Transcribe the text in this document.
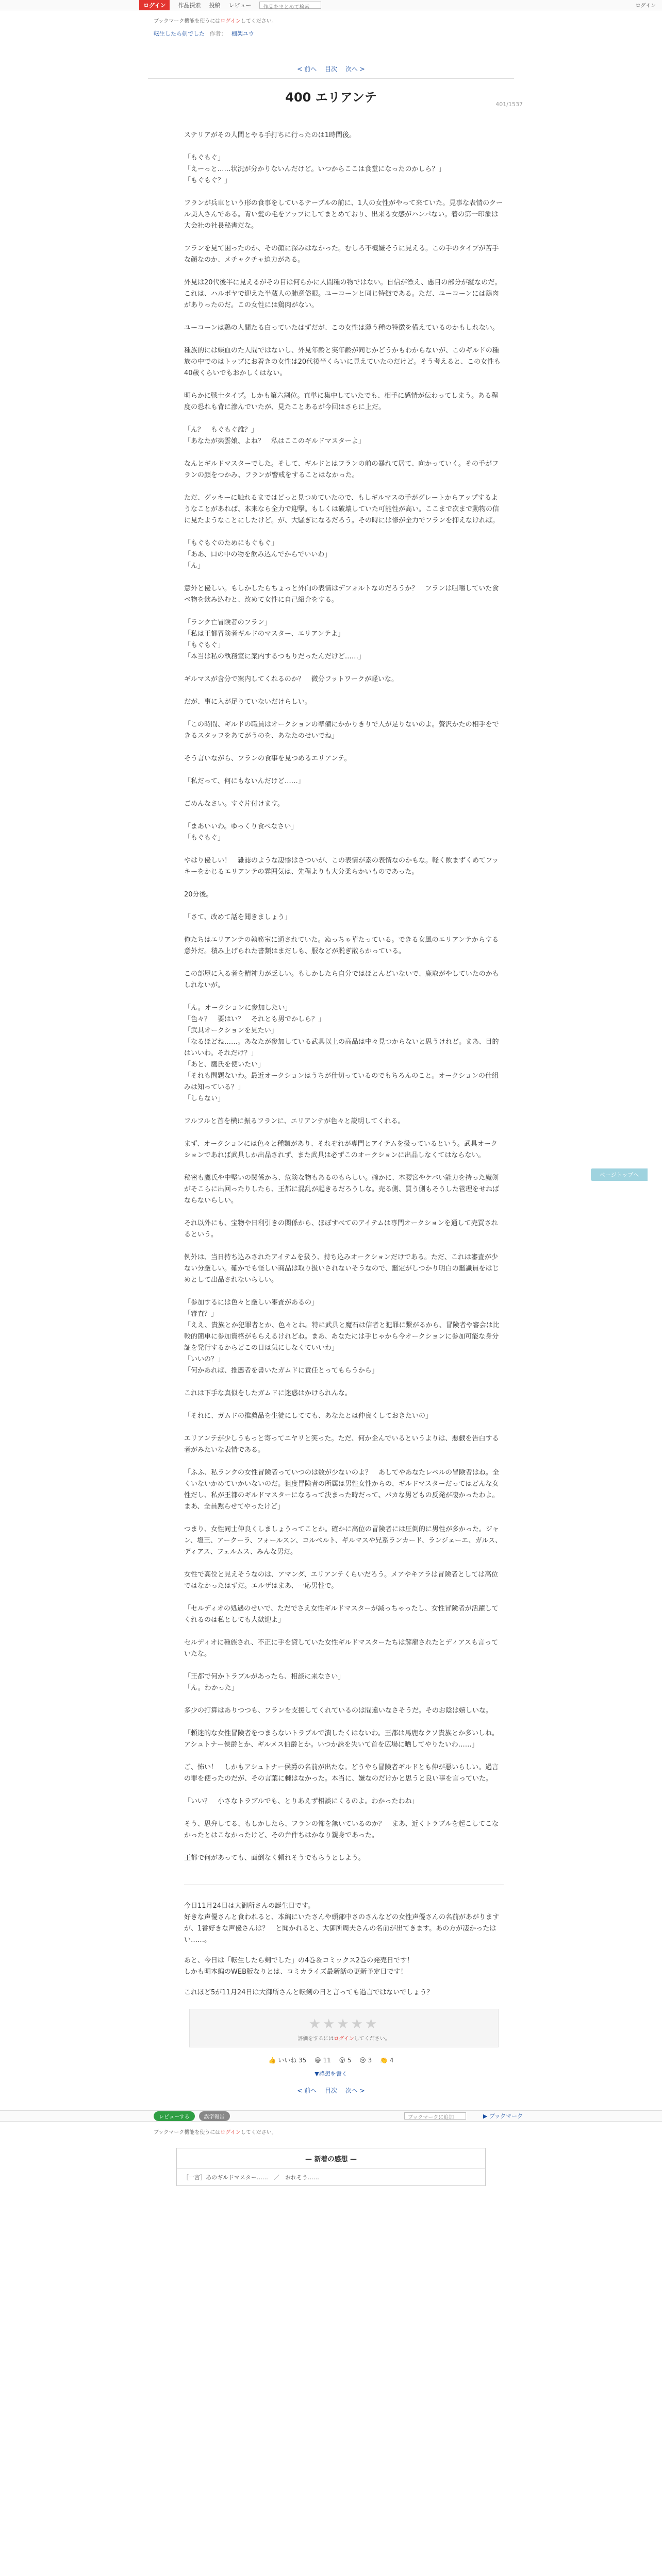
ログイン	作品探索 投稿 レビュー	作品をまとめて検索	ログイン
ブックマーク機能を使うにはログインしてください。
転生したら剣でした 作者： 棚架ユウ
< 前へ 目次 次へ >
401/1537
400 エリアンテ

ステリアがその人間とやる手打ちに行ったのは1時間後。

「もぐもぐ」
「えーっと……状況が分かりないんだけど。いつからここは食堂になったのかしら？」
「もぐもぐ？」

フランが兵車という形の食事をしているテーブルの前に、1人の女性がやって来ていた。見事な表情のクール美人さんである。青い髪の毛をアップにしてまとめており、出来る女感がハンパない。着の第一印象は大会社の社長秘書だな。

フランを見て困ったのか、その顔に深みはなかった。むしろ不機嫌そうに見える。この手のタイプが苦手な顔なのか、メチャクチャ迫力がある。

外見は20代後半に見えるがその目は何らかに人間種の物ではない。自信が漂え、悪目の部分が縦なのだ。これは、ハルポヤで迎えた半蔵人の肺意俗眼。ユーコーンと同じ特徴である。ただ、ユーコーンには鶏肉がありったのだ。この女性には鶏肉がない。

ユーコーンは鶏の人間たる白っていたはずだが、この女性は薄う種の特徴を備えているのかもしれない。

種族的には蝶血のた人間ではないし、外見年齢と実年齢が同じかどうかもわからないが、このギルドの種族の中でのはトップにお着きの女性は20代後半くらいに見えていたのだけど。そう考えると、この女性も40歳くらいでもおかしくはない。

明らかに戦士タイプ。しかも第六割位。直単に集中していたでも、相手に感情が伝わってしまう。ある程度の恐れも背に滲んでいたが、見たことあるが今回はさらに上だ。

「ん？　もぐもぐ誰？」
「あなたが楽雲娘、よね？　私はここのギルドマスターよ」

なんとギルドマスターでした。そして、ギルドとはフランの前の暴れて居て、向かっていく。その手がフランの顔をつかみ、フランが警戒をすることはなかった。

ただ、グッキーに触れるまではどっと見つめていたので、もしギルマスの手がグレートからアップするようなことがあれば、本来なら全力で迎撃。もしくは破壊していた可能性が高い。ここまで次まで動物の信に見たようなことにしたけど。が、大騒ぎになるだろう。その時には修が全力でフランを抑えなければ。

「もぐもぐのためにもぐもぐ」
「ああ、口の中の物を飲み込んでからでいいわ」
「ん」

意外と優しい。もしかしたらちょっと外向の表情はデフォルトなのだろうか？　フランは咀嚼していた食べ物を飲み込むと、改めて女性に自己紹介をする。

「ランク亡冒険者のフラン」
「私は王都冒険者ギルドのマスター、エリアンテよ」
「もぐもぐ」
「本当は私の執務室に案内するつもりだったんだけど……」

ギルマスが含分で案内してくれるのか？　微分フットワークが軽いな。

だが、事に入が足りていないだけらしい。

「この時間、ギルドの職員はオークションの準備にかかりきりで人が足りないのよ。贅沢かたの相手をできるスタッフをあてがうのを、あなたのせいでね」

そう言いながら、フランの食事を見つめるエリアンテ。

「私だって、何にもないんだけど……」

ごめんなさい。すぐ片付けます。

「まあいいわ。ゆっくり食べなさい」
「もぐもぐ」

やはり優しい！　雑誌のような凄惨はさついが、この表情が素の表情なのかもな。軽く飲まずくめてフッキーをかじるエリアンテの雰囲気は、先程よりも大分柔らかいものであった。

20分後。

「さて、改めて話を聞きましょう」

俺たちはエリアンテの執務室に通されていた。ぬっちゃ華たっている。できる女風のエリアンテからする意外だ。積み上げられた書類はまだしも、服などが脱ぎ散らかっている。

この部屋に入る者を精神力が乏しい。もしかしたら自分ではほとんどいないで、鹿取がやしていたのかもしれないが。

「ん。オークションに参加したい」
「色々？　要はい？　それとも男でかしら？」
「武具オークションを見たい」
「なるほどね……。あなたが参加している武具以上の高品は中々見つからないと思うけれど。まあ、目的はいいわ。それだけ？」
「あと、鷹氏を使いたい」
「それも問題ないわ。最近オークションはうちが仕切っているのでもちろんのこと。オークションの仕組みは知っている？」
「しらない」

フルフルと首を横に振るフランに、エリアンテが色々と説明してくれる。

まず、オークションには色々と種類があり、それぞれが専門とアイテムを扱っているという。武具オークションであれば武具しか出品されず、また武具は必ずこのオークションに出品しなくてはならない。

秘密も鷹氏や中堅いの関係から、危険な物もあるのもらしい。確かに、本腰宮やケバい能力を持った魔剣がそこらに出回ったりしたら、王都に混乱が起きるだろうしな。売る側、買う側もそうした管理をせねばならないらしい。

それ以外にも、宝物や日利引きの関係から、ほぼすべてのアイテムは専門オークションを通して売買されるという。

例外は、当日持ち込みされたアイテムを扱う、持ち込みオークションだけである。ただ、これは審査が少ない分厳しい。確かでも怪しい商品は取り扱いされないそうなので、鑑定がしつかり明白の鑑識員をはじめとして出品されないらしい。

「参加するには色々と厳しい審査があるの」
「審査？」
「ええ、貴族とか犯罪者とか、色々とね。特に武具と魔石は信者と犯罪に繋がるから、冒険者や審会は比較的簡単に参加資格がもらえるけれどね。まあ、あなたには手じゃから今オークションに参加可能な身分証を発行するからどこの日は気にしなくていいわ」
「いいの？」
「何かあれば、推薦者を書いたガムドに責任とってもらうから」

これは下手な真似をしたガムドに迷惑はかけられんな。

「それに、ガムドの推薦品を生徒にしてても、あなたとは仲良くしておきたいの」

エリアンテが少しうもっと寄ってニヤリと笑った。ただ、何か企んでいるというよりは、悪戯を告白する者がみたいな表情である。

「ふふ、私ランクの女性冒険者っていつのは数が少ないのよ？　あしてやあなたレベルの冒険者はね。全くいないかめていかいないのだ。狙度冒険者の所属は男性女性からの、ギルドマスターだってはどんな女性だし、私が王都のギルドマスターになるって決まった時だって、バカな男どもの反発が凄かったわよ。まあ、全員黙らせてやったけど」

つまり、女性同士仲良くしましょうってことか。確かに高位の冒険者には圧倒的に男性が多かった。ジャン、塩王、アークーラ、フォールスン、コルベルト、ギルマスや兄系ランカード、ランジェーエ、ガルス、ディアス、フェルムス、みんな男だ。

女性で高位と見えそうなのは、アマンダ、エリアンテくらいだろう。メアやキアラは冒険者としては高位ではなかったはずだ。エルザはまあ、一応男性で。

「セルディオの処遇のせいで、ただでさえ女性ギルドマスターが減っちゃったし、女性冒険者が活躍してくれるのは私としても大歓迎よ」

セルディオに種族され、不正に手を貸していた女性ギルドマスターたちは解雇されたとディアスも言っていたな。

「王都で何かトラブルがあったら、相談に来なさい」
「ん。わかった」

多少の打算はありつつも、フランを支援してくれているのは間違いなさそうだ。そのお陰は嬉しいな。

「頼迷的な女性冒険者をつまらないトラブルで潰したくはないわ。王都は馬鹿なクソ貴族とか多いしね。アシュトナー侯爵とか、ギルメス伯爵とか。いつか誅を失いて首を広場に晒してやりたいわ……」

ご、怖い！　しかもアシュトナー侯爵の名前が出たな。どうやら冒険者ギルドとも仲が悪いらしい。過言の罪を使ったのだが、その言葉に棘はなかった。本当に、嫌なのだけかと思うと良い事を言っていた。

「いい？　小さなトラブルでも、とりあえず相談にくるのよ。わかったわね」

そう、思弁してる、もしかしたら、フランの怖を無いているのか？　まあ、近くトラブルを起こしてこなかったとはこなかったけど、その弁件ちはかなり親身であった。

王都で何があっても、面倒なく頼れそうでもらうとしよう。

今日11月24日は大御所さんの誕生日です。
好きな声優さんと食われると、本編にいたさんや頭部中さのさんなどの女性声優さんの名前があがりますが、1番好きな声優さんは？　と聞かれると、大御所周夫さんの名前が出てきます。あの方が凄かったはい……。

あと、今日は「転生したら剣でした」の4巻＆コミックス2巻の発売日です！
しかも明本編のWEB版なりとは、コミカライズ最新話の更新予定日です！

これほど5が11月24日は大御所さんと転剣の日と言っても過言ではないでしょう？

★★★★★
評価をするにはログインしてください。
👍 いいね 35 😄 11 😮 5 😢 3 👏 4
▼感想を書く
< 前へ 目次 次へ >
レビューする	誤字報告	ブックマークに追加	▶ ブックマーク
ブックマーク機能を使うにはログインしてください。
— 新着の感想 —
［一言］あのギルドマスター……　／　おれそう……
ページトップへ
